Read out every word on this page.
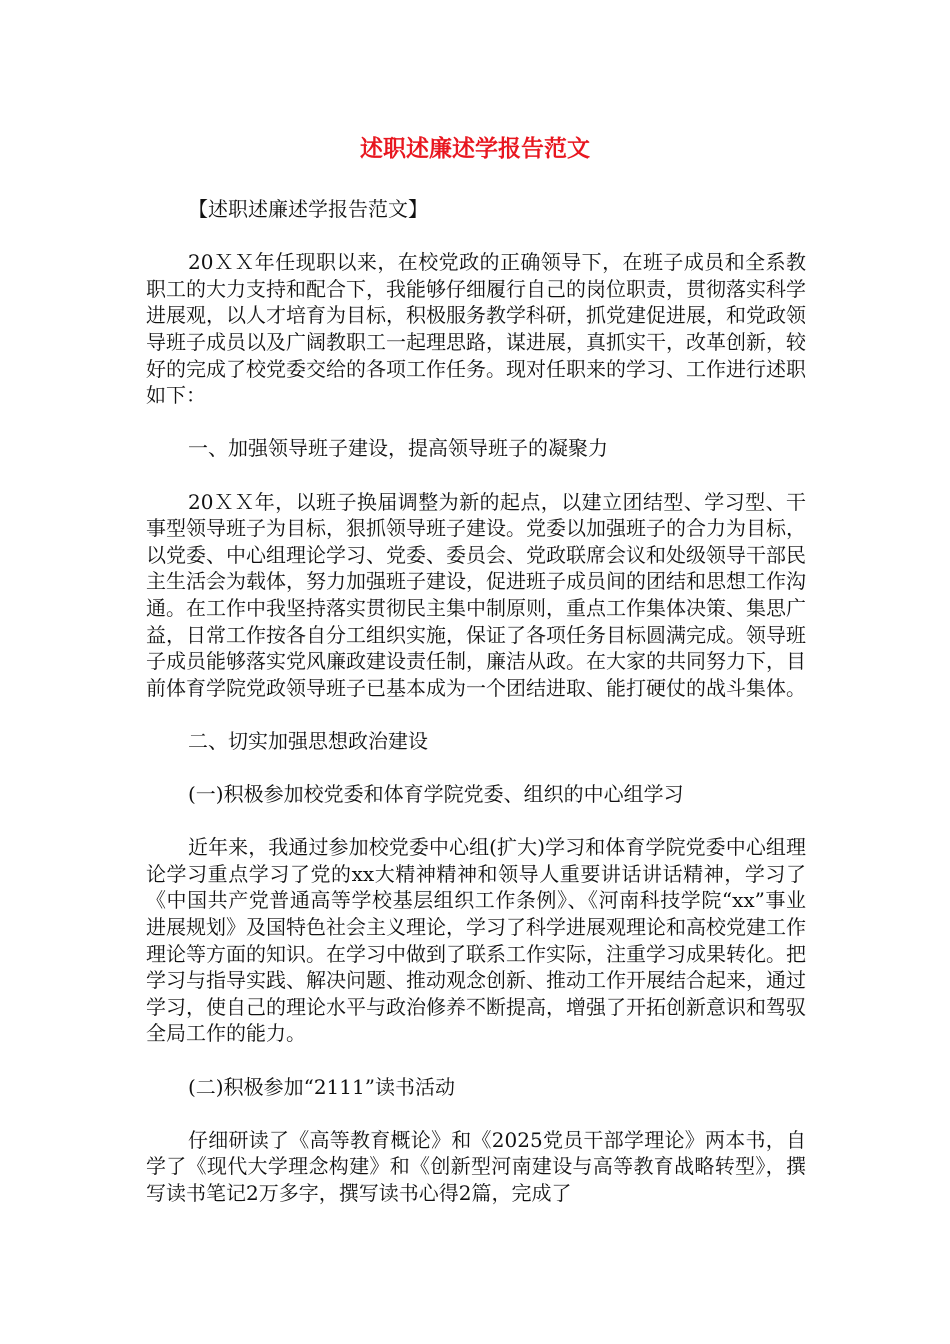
述职述廉述学报告范文

【述职述廉述学报告范文】

20ＸＸ年任现职以来，在校党政的正确领导下，在班子成员和全系教职工的大力支持和配合下，我能够仔细履行自己的岗位职责，贯彻落实科学进展观，以人才培育为目标，积极服务教学科研，抓党建促进展，和党政领导班子成员以及广阔教职工一起理思路，谋进展，真抓实干，改革创新，较好的完成了校党委交给的各项工作任务。现对任职来的学习、工作进行述职如下：

一、加强领导班子建设，提高领导班子的凝聚力

20ＸＸ年，以班子换届调整为新的起点，以建立团结型、学习型、干事型领导班子为目标，狠抓领导班子建设。党委以加强班子的合力为目标，以党委、中心组理论学习、党委、委员会、党政联席会议和处级领导干部民主生活会为载体，努力加强班子建设，促进班子成员间的团结和思想工作沟通。在工作中我坚持落实贯彻民主集中制原则，重点工作集体决策、集思广益，日常工作按各自分工组织实施，保证了各项任务目标圆满完成。领导班子成员能够落实党风廉政建设责任制，廉洁从政。在大家的共同努力下，目前体育学院党政领导班子已基本成为一个团结进取、能打硬仗的战斗集体。

二、切实加强思想政治建设

(一)积极参加校党委和体育学院党委、组织的中心组学习

近年来，我通过参加校党委中心组(扩大)学习和体育学院党委中心组理论学习重点学习了党的xx大精神精神和领导人重要讲话讲话精神，学习了《中国共产党普通高等学校基层组织工作条例》、《河南科技学院“xx”事业进展规划》及国特色社会主义理论，学习了科学进展观理论和高校党建工作理论等方面的知识。在学习中做到了联系工作实际，注重学习成果转化。把学习与指导实践、解决问题、推动观念创新、推动工作开展结合起来，通过学习，使自己的理论水平与政治修养不断提高，增强了开拓创新意识和驾驭全局工作的能力。

(二)积极参加“2111”读书活动

仔细研读了《高等教育概论》和《2025党员干部学理论》两本书，自学了《现代大学理念构建》和《创新型河南建设与高等教育战略转型》，撰写读书笔记2万多字，撰写读书心得2篇，完成了
